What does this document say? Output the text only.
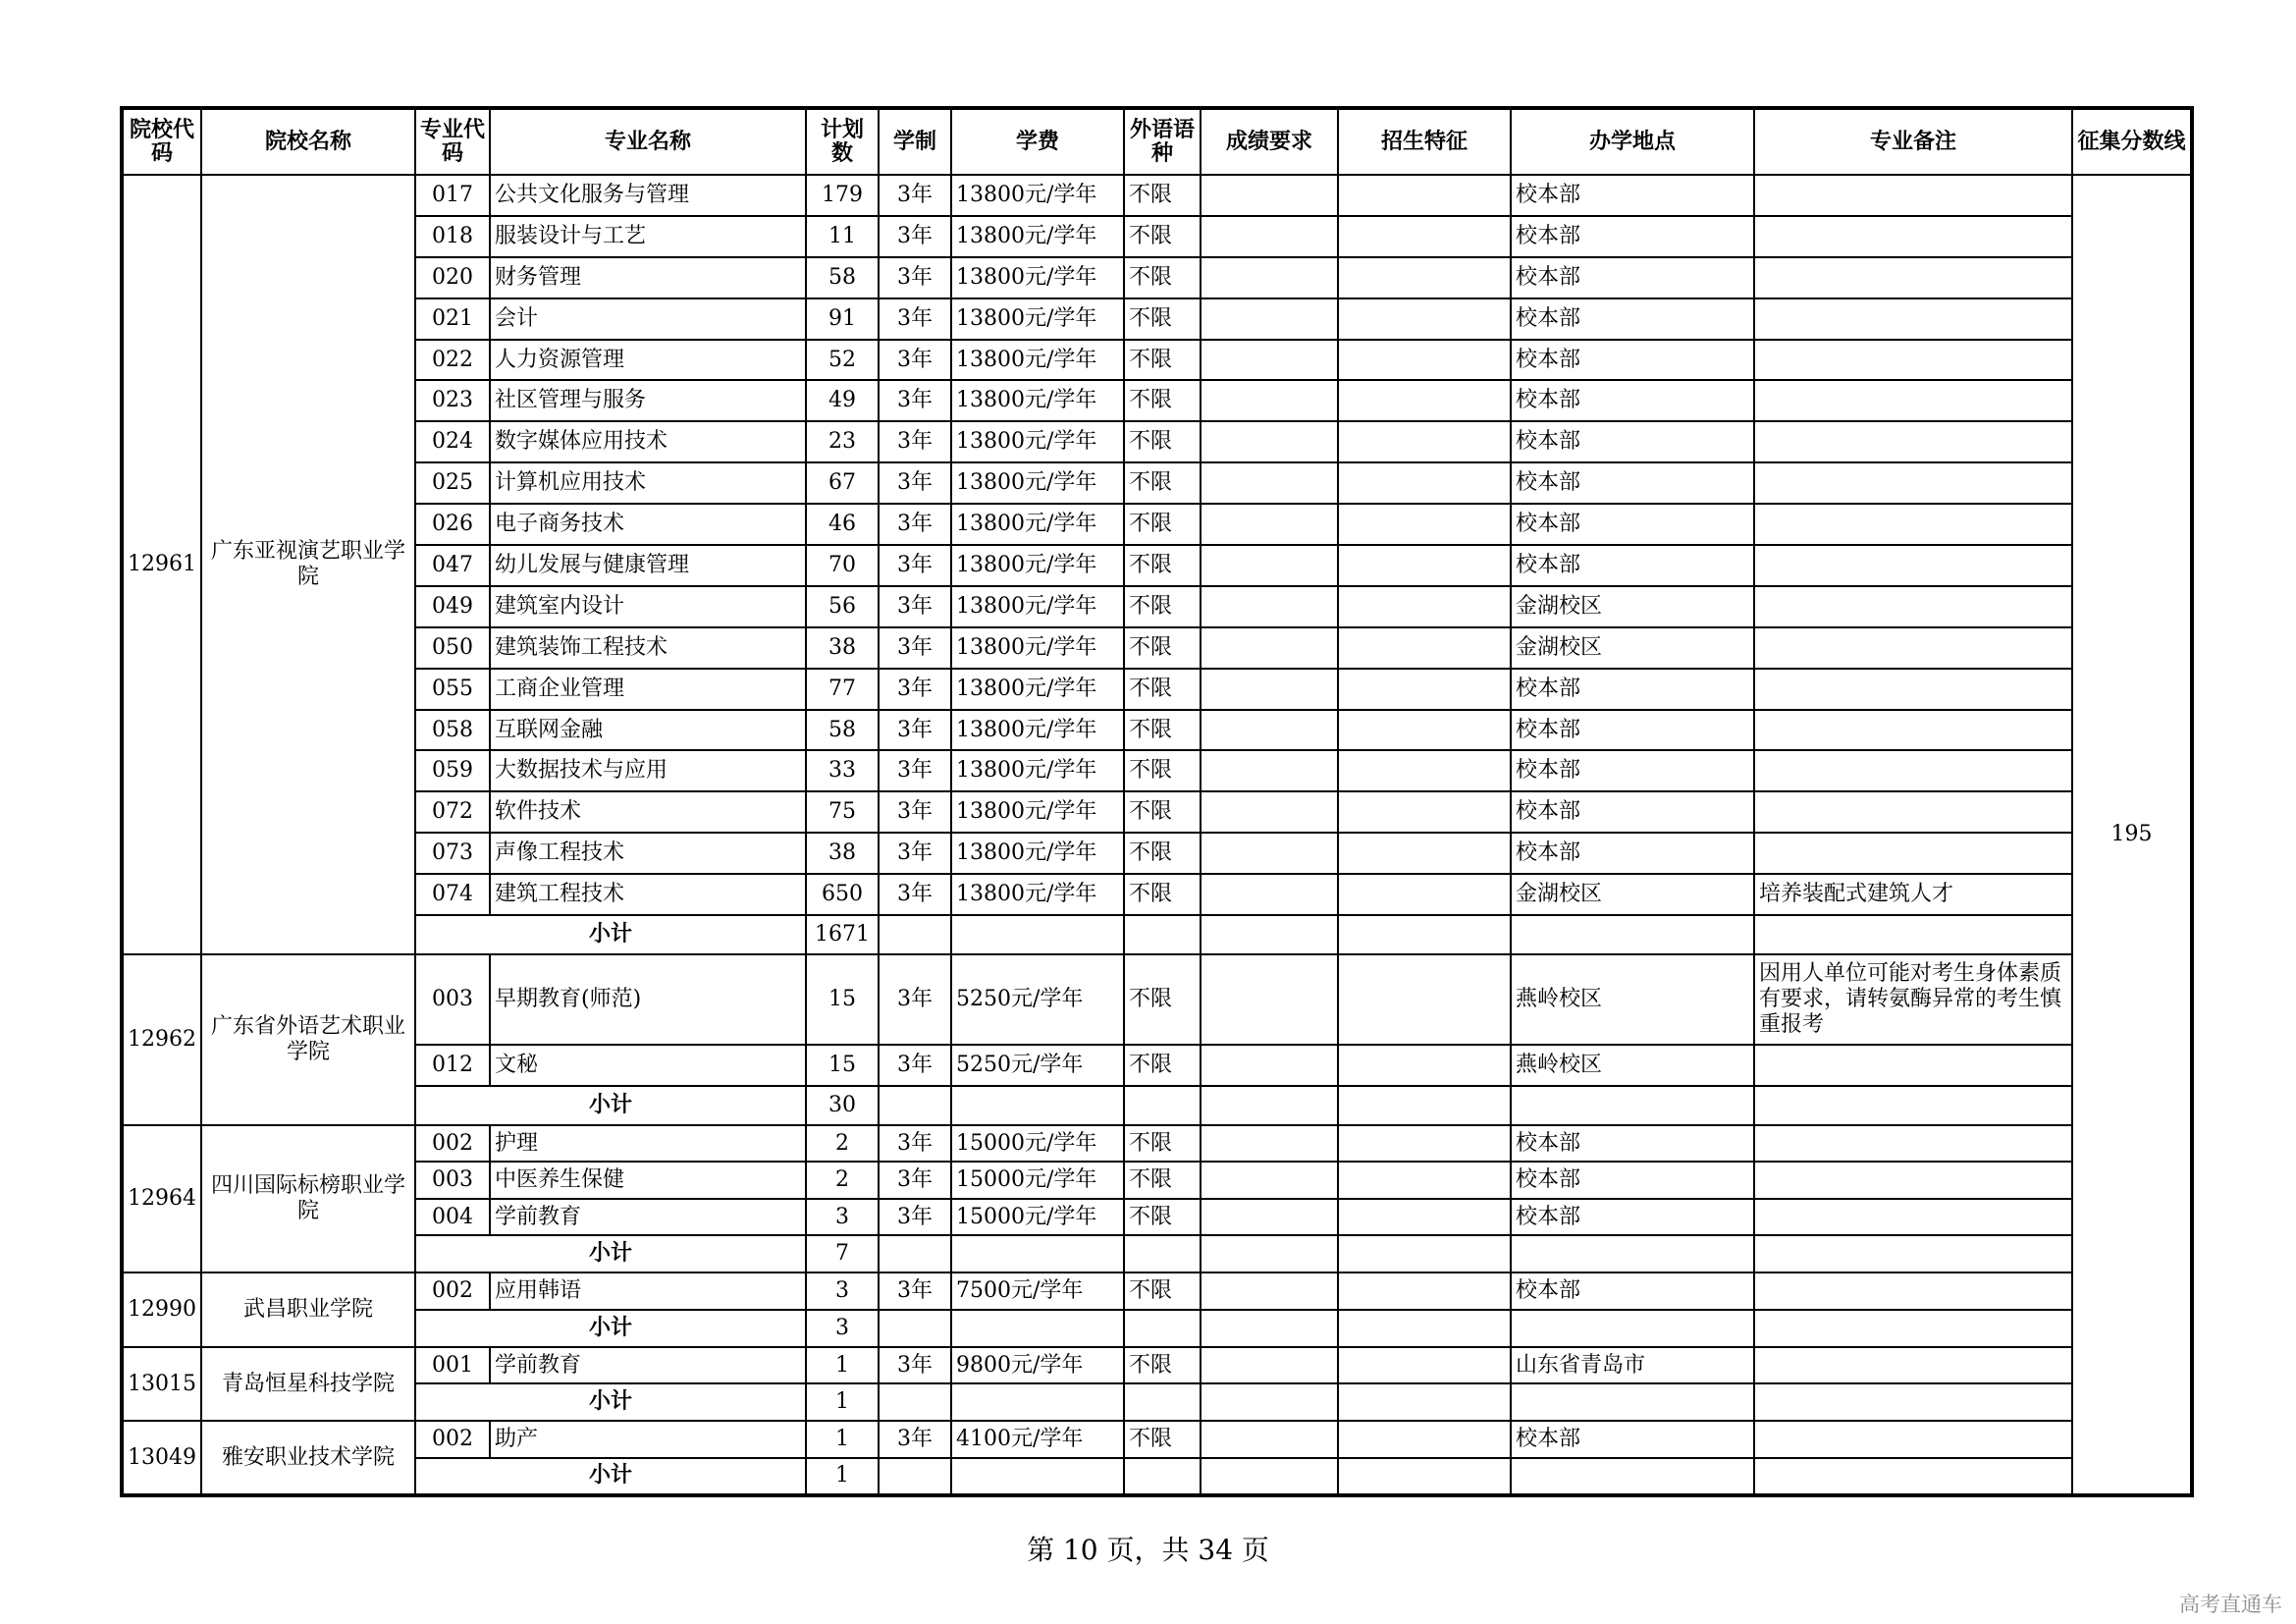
院校代码	院校名称	专业代码	专业名称	计划数	学制	学费	外语语种	成绩要求	招生特征	办学地点	专业备注	征集分数线
12961	广东亚视演艺职业学院	017	公共文化服务与管理	179	3年	13800元/学年	不限			校本部		195
		018	服装设计与工艺	11	3年	13800元/学年	不限			校本部		
		020	财务管理	58	3年	13800元/学年	不限			校本部		
		021	会计	91	3年	13800元/学年	不限			校本部		
		022	人力资源管理	52	3年	13800元/学年	不限			校本部		
		023	社区管理与服务	49	3年	13800元/学年	不限			校本部		
		024	数字媒体应用技术	23	3年	13800元/学年	不限			校本部		
		025	计算机应用技术	67	3年	13800元/学年	不限			校本部		
		026	电子商务技术	46	3年	13800元/学年	不限			校本部		
		047	幼儿发展与健康管理	70	3年	13800元/学年	不限			校本部		
		049	建筑室内设计	56	3年	13800元/学年	不限			金湖校区		
		050	建筑装饰工程技术	38	3年	13800元/学年	不限			金湖校区		
		055	工商企业管理	77	3年	13800元/学年	不限			校本部		
		058	互联网金融	58	3年	13800元/学年	不限			校本部		
		059	大数据技术与应用	33	3年	13800元/学年	不限			校本部		
		072	软件技术	75	3年	13800元/学年	不限			校本部		
		073	声像工程技术	38	3年	13800元/学年	不限			校本部		
		074	建筑工程技术	650	3年	13800元/学年	不限			金湖校区	培养装配式建筑人才	
		小计		1671								
12962	广东省外语艺术职业学院	003	早期教育(师范)	15	3年	5250元/学年	不限			燕岭校区	因用人单位可能对考生身体素质有要求，请转氨酶异常的考生慎重报考	
		012	文秘	15	3年	5250元/学年	不限			燕岭校区		
		小计		30								
12964	四川国际标榜职业学院	002	护理	2	3年	15000元/学年	不限			校本部		
		003	中医养生保健	2	3年	15000元/学年	不限			校本部		
		004	学前教育	3	3年	15000元/学年	不限			校本部		
		小计		7								
12990	武昌职业学院	002	应用韩语	3	3年	7500元/学年	不限			校本部		
		小计		3								
13015	青岛恒星科技学院	001	学前教育	1	3年	9800元/学年	不限			山东省青岛市		
		小计		1								
13049	雅安职业技术学院	002	助产	1	3年	4100元/学年	不限			校本部		
		小计		1								
第 10 页，共 34 页
高考直通车
